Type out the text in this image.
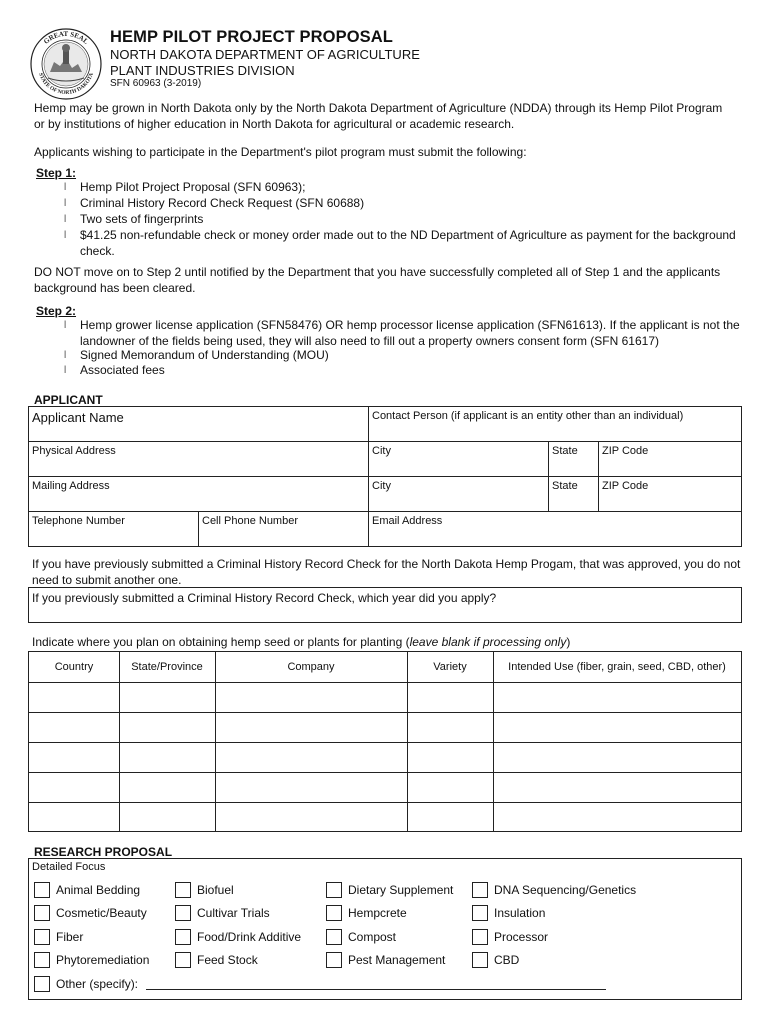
GREAT SEAL
STATE OF NORTH DAKOTA
HEMP PILOT PROJECT PROPOSAL
NORTH DAKOTA DEPARTMENT OF AGRICULTURE
PLANT INDUSTRIES DIVISION
SFN 60963 (3-2019)
Hemp may be grown in North Dakota only by the North Dakota Department of Agriculture (NDDA) through its Hemp Pilot Program or by institutions of higher education in North Dakota for agricultural or academic research.
Applicants wishing to participate in the Department's pilot program must submit the following:
Step 1:
l Hemp Pilot Project Proposal (SFN 60963);
l Criminal History Record Check Request (SFN 60688)
l Two sets of fingerprints
l $41.25 non-refundable check or money order made out to the ND Department of Agriculture as payment for the background check.
DO NOT move on to Step 2 until notified by the Department that you have successfully completed all of Step 1 and the applicants background has been cleared.
Step 2:
l Hemp grower license application (SFN58476) OR hemp processor license application (SFN61613). If the applicant is not the landowner of the fields being used, they will also need to fill out a property owners consent form (SFN 61617)
l Signed Memorandum of Understanding (MOU)
l Associated fees
APPLICANT
Applicant Name	Contact Person (if applicant is an entity other than an individual)
Physical Address	City	State ZIP Code
Mailing Address	City	State ZIP Code
Telephone Number	Cell Phone Number	Email Address
If you have previously submitted a Criminal History Record Check for the North Dakota Hemp Progam, that was approved, you do not need to submit another one.
If you previously submitted a Criminal History Record Check, which year did you apply?
Indicate where you plan on obtaining hemp seed or plants for planting (leave blank if processing only)
Country	State/Province	Company	Variety	Intended Use (fiber, grain, seed, CBD, other)
RESEARCH PROPOSAL
Detailed Focus
Animal Bedding	Biofuel	Dietary Supplement	DNA Sequencing/Genetics
Cosmetic/Beauty	Cultivar Trials	Hempcrete	Insulation
Fiber	Food/Drink Additive	Compost	Processor
Phytoremediation	Feed Stock	Pest Management	CBD
Other (specify):
